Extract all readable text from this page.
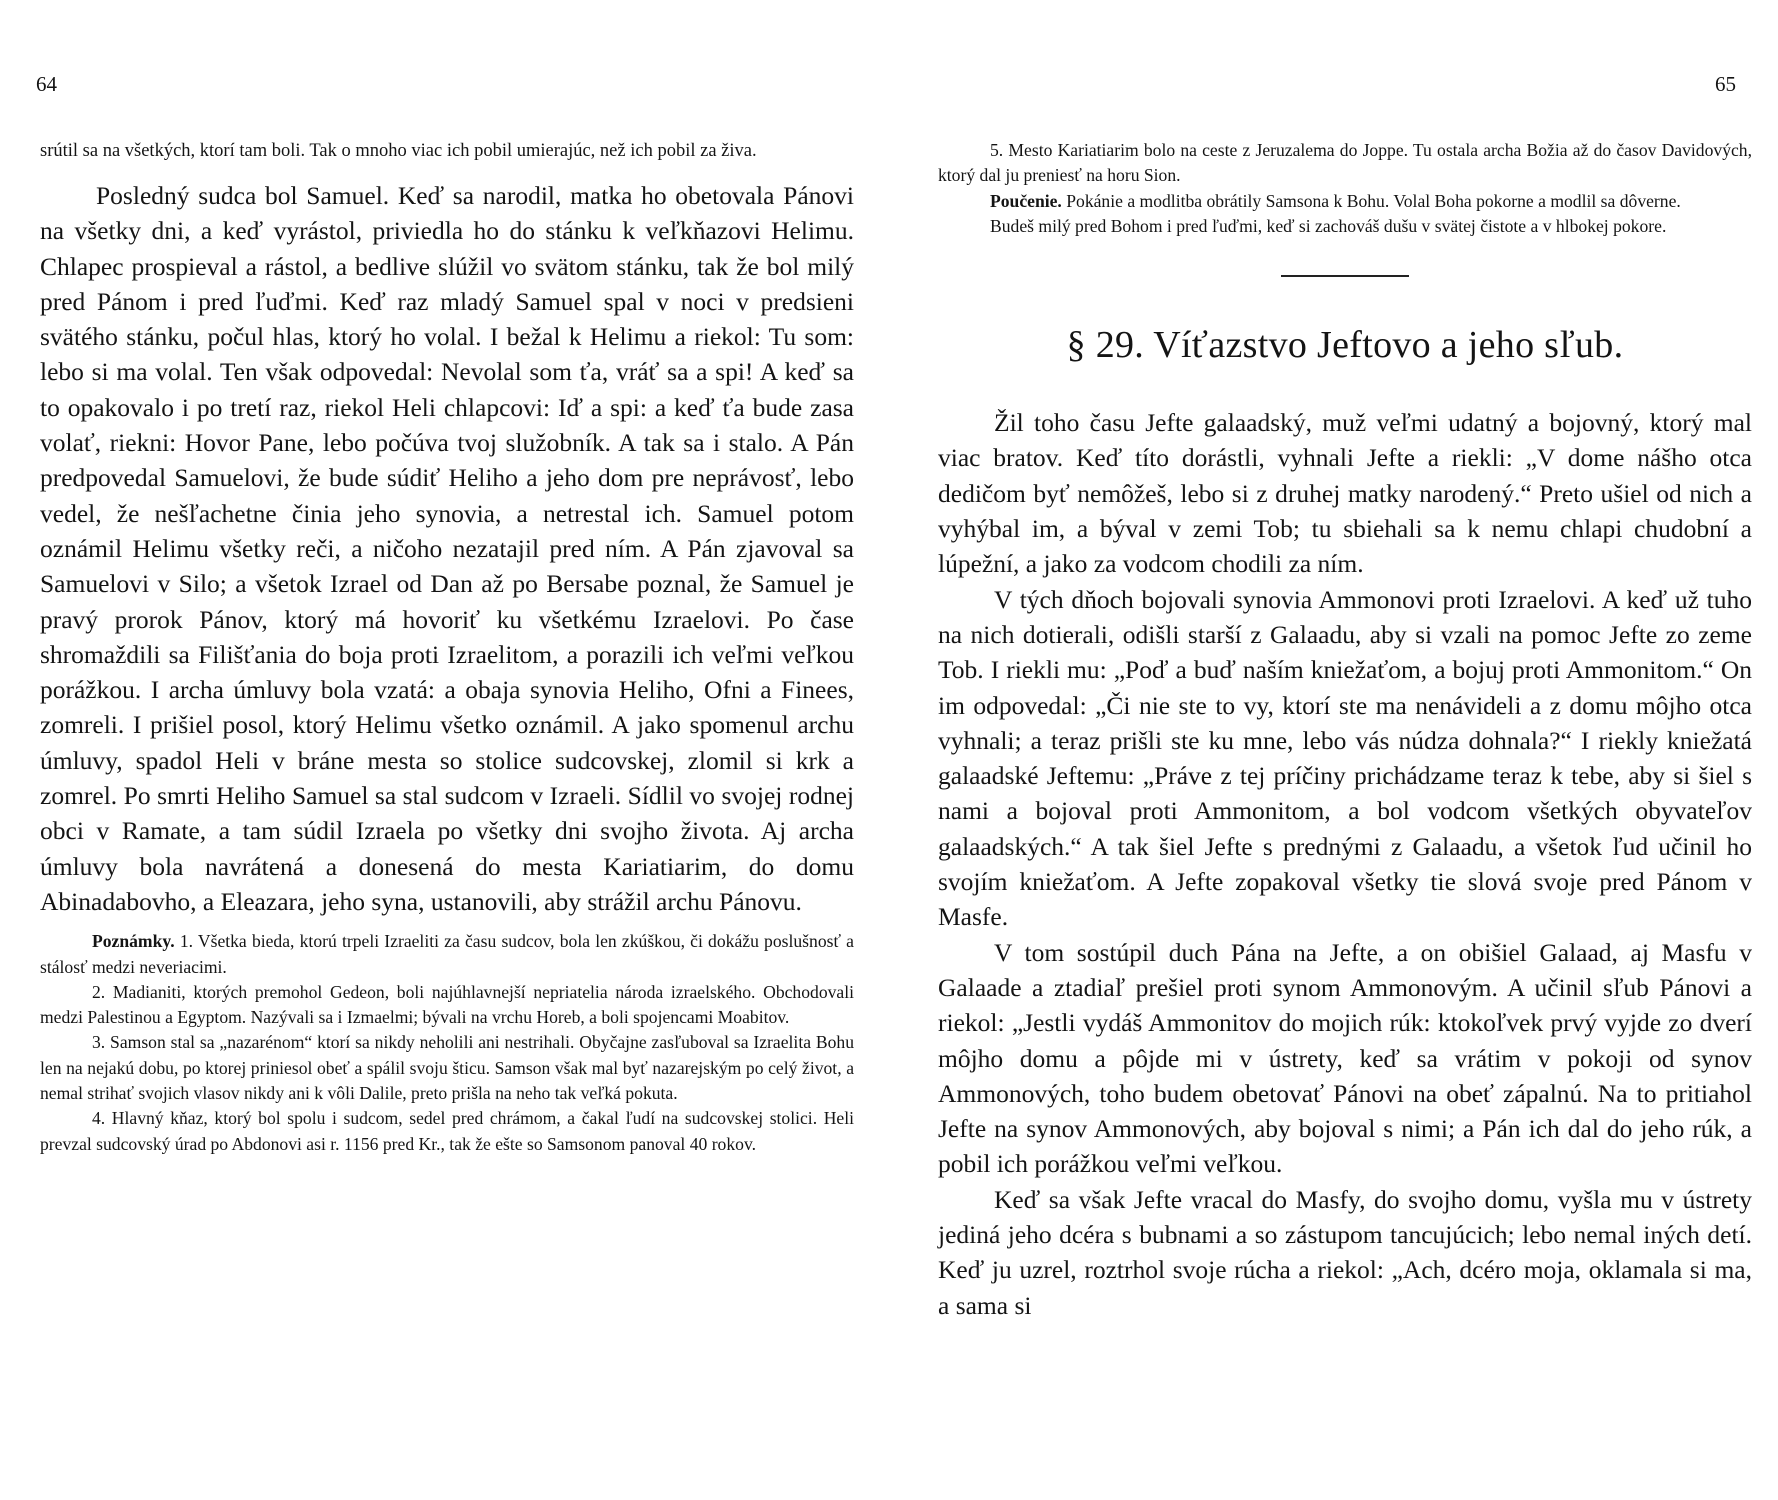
64	65

srútil sa na všetkých, ktorí tam boli. Tak o mnoho viac ich pobil umierajúc, než ich pobil za živa.

Posledný sudca bol Samuel. Keď sa narodil, matka ho obetovala Pánovi na všetky dni, a keď vyrástol, priviedla ho do stánku k veľkňazovi Helimu. Chlapec prospieval a rástol, a bedlive slúžil vo svätom stánku, tak že bol milý pred Pánom i pred ľuďmi. Keď raz mladý Samuel spal v noci v predsieni svätého stánku, počul hlas, ktorý ho volal. I bežal k Helimu a riekol: Tu som: lebo si ma volal. Ten však odpovedal: Nevolal som ťa, vráť sa a spi! A keď sa to opakovalo i po tretí raz, riekol Heli chlapcovi: Iď a spi: a keď ťa bude zasa volať, riekni: Hovor Pane, lebo počúva tvoj služobník. A tak sa i stalo. A Pán predpovedal Samuelovi, že bude súdiť Heliho a jeho dom pre neprávosť, lebo vedel, že nešľachetne činia jeho synovia, a netrestal ich. Samuel potom oznámil Helimu všetky reči, a ničoho nezatajil pred ním. A Pán zjavoval sa Samuelovi v Silo; a všetok Izrael od Dan až po Bersabe poznal, že Samuel je pravý prorok Pánov, ktorý má hovoriť ku všetkému Izraelovi. Po čase shromaždili sa Filišťania do boja proti Izraelitom, a porazili ich veľmi veľkou porážkou. I archa úmluvy bola vzatá: a obaja synovia Heliho, Ofni a Finees, zomreli. I prišiel posol, ktorý Helimu všetko oznámil. A jako spomenul archu úmluvy, spadol Heli v bráne mesta so stolice sudcovskej, zlomil si krk a zomrel. Po smrti Heliho Samuel sa stal sudcom v Izraeli. Sídlil vo svojej rodnej obci v Ramate, a tam súdil Izraela po všetky dni svojho života. Aj archa úmluvy bola navrátená a donesená do mesta Kariatiarim, do domu Abinadabovho, a Eleazara, jeho syna, ustanovili, aby strážil archu Pánovu.

Poznámky. 1. Všetka bieda, ktorú trpeli Izraeliti za času sudcov, bola len zkúškou, či dokážu poslušnosť a stálosť medzi neveriacimi.

2. Madianiti, ktorých premohol Gedeon, boli najúhlavnejší nepriatelia národa izraelského. Obchodovali medzi Palestinou a Egyptom. Nazývali sa i Izmaelmi; bývali na vrchu Horeb, a boli spojencami Moabitov.

3. Samson stal sa „nazarénom“ ktorí sa nikdy neholili ani nestrihali. Obyčajne zasľuboval sa Izraelita Bohu len na nejakú dobu, po ktorej priniesol obeť a spálil svoju šticu. Samson však mal byť nazarejským po celý život, a nemal strihať svojich vlasov nikdy ani k vôli Dalile, preto prišla na neho tak veľká pokuta.

4. Hlavný kňaz, ktorý bol spolu i sudcom, sedel pred chrámom, a čakal ľudí na sudcovskej stolici. Heli prevzal sudcovský úrad po Abdonovi asi r. 1156 pred Kr., tak že ešte so Samsonom panoval 40 rokov.

5. Mesto Kariatiarim bolo na ceste z Jeruzalema do Joppe. Tu ostala archa Božia až do časov Davidových, ktorý dal ju preniesť na horu Sion.

Poučenie. Pokánie a modlitba obrátily Samsona k Bohu. Volal Boha pokorne a modlil sa dôverne.

Budeš milý pred Bohom i pred ľuďmi, keď si zachováš dušu v svätej čistote a v hlbokej pokore.

§ 29. Víťazstvo Jeftovo a jeho sľub.

Žil toho času Jefte galaadský, muž veľmi udatný a bojovný, ktorý mal viac bratov. Keď títo dorástli, vyhnali Jefte a riekli: „V dome nášho otca dedičom byť nemôžeš, lebo si z druhej matky narodený.“ Preto ušiel od nich a vyhýbal im, a býval v zemi Tob; tu sbiehali sa k nemu chlapi chudobní a lúpežní, a jako za vodcom chodili za ním.

V tých dňoch bojovali synovia Ammonovi proti Izraelovi. A keď už tuho na nich dotierali, odišli starší z Galaadu, aby si vzali na pomoc Jefte zo zeme Tob. I riekli mu: „Poď a buď naším kniežaťom, a bojuj proti Ammonitom.“ On im odpovedal: „Či nie ste to vy, ktorí ste ma nenávideli a z domu môjho otca vyhnali; a teraz prišli ste ku mne, lebo vás núdza dohnala?“ I riekly kniežatá galaadské Jeftemu: „Práve z tej príčiny prichádzame teraz k tebe, aby si šiel s nami a bojoval proti Ammonitom, a bol vodcom všetkých obyvateľov galaadských.“ A tak šiel Jefte s prednými z Galaadu, a všetok ľud učinil ho svojím kniežaťom. A Jefte zopakoval všetky tie slová svoje pred Pánom v Masfe.

V tom sostúpil duch Pána na Jefte, a on obišiel Galaad, aj Masfu v Galaade a ztadiaľ prešiel proti synom Ammonovým. A učinil sľub Pánovi a riekol: „Jestli vydáš Ammonitov do mojich rúk: ktokoľvek prvý vyjde zo dverí môjho domu a pôjde mi v ústrety, keď sa vrátim v pokoji od synov Ammonových, toho budem obetovať Pánovi na obeť zápalnú. Na to pritiahol Jefte na synov Ammonových, aby bojoval s nimi; a Pán ich dal do jeho rúk, a pobil ich porážkou veľmi veľkou.

Keď sa však Jefte vracal do Masfy, do svojho domu, vyšla mu v ústrety jediná jeho dcéra s bubnami a so zástupom tancujúcich; lebo nemal iných detí. Keď ju uzrel, roztrhol svoje rúcha a riekol: „Ach, dcéro moja, oklamala si ma, a sama si
